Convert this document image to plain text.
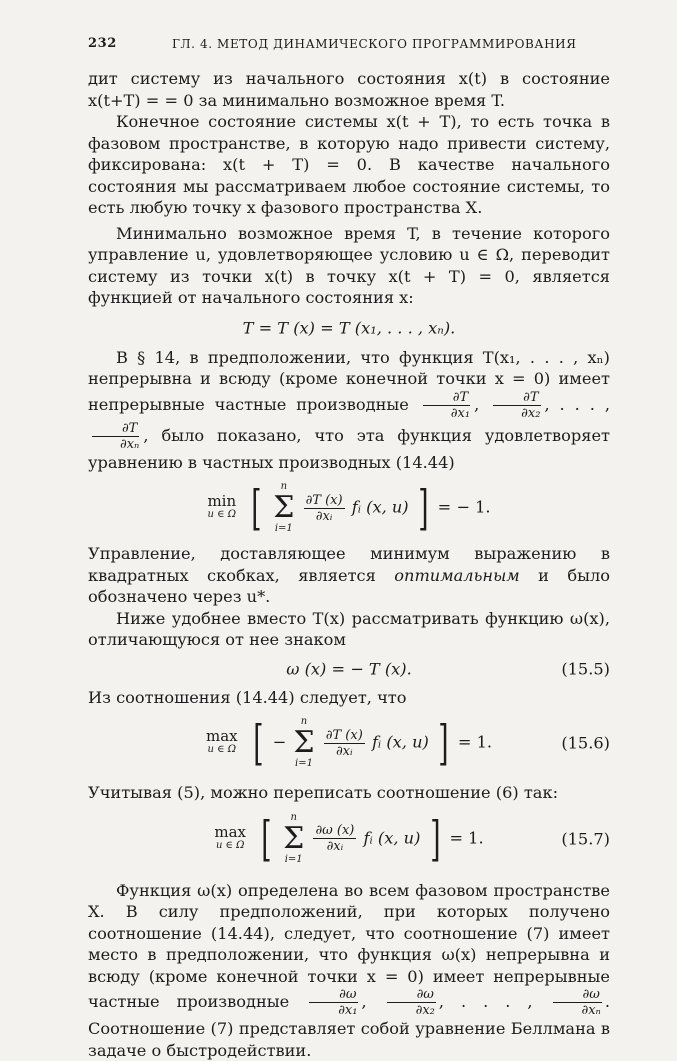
232	ГЛ. 4. МЕТОД ДИНАМИЧЕСКОГО ПРОГРАММИРОВАНИЯ

дит систему из начального состояния x(t) в состояние x(t+T) = = 0 за минимально возможное время T.

Конечное состояние системы x(t + T), то есть точка в фазовом пространстве, в которую надо привести систему, фиксирована: x(t + T) = 0. В качестве начального состояния мы рассматриваем любое состояние системы, то есть любую точку x фазового пространства X.

Минимально возможное время T, в течение которого управление u, удовлетворяющее условию u ∈ Ω, переводит систему из точки x(t) в точку x(t + T) = 0, является функцией от начального состояния x:

T = T (x) = T (x₁, . . . , xₙ).

В § 14, в предположении, что функция T(x₁, . . . , xₙ) непрерывна и всюду (кроме конечной точки x = 0) имеет непрерывные частные производные $\frac{\partial T}{\text{∂x₁}}$ , $\frac{\partial T}{\text{∂x₂}}$ , . . . ,
$\frac{\partial T}{\text{∂xₙ}}$ , было показано, что эта функция удовлетворяет уравнению в частных производных (14.44)

min
u ∈ Ω [ n
Σ
i=1

$\frac{\partial T (x)}{\text{∂xᵢ}}$ fᵢ (x, u) ] = − 1.

Управление, доставляющее минимум выражению в квадратных скобках, является оптимальным и было обозначено через u*.

Ниже удобнее вместо T(x) рассматривать функцию ω(x), отличающуюся от нее знаком

ω (x) = − T (x).	(15.5)

Из соотношения (14.44) следует, что

max
u ∈ Ω [ −
n
Σ
i=1

$\frac{\partial T (x)}{\text{∂xᵢ}}$ fᵢ (x, u) ] = 1.	(15.6)

Учитывая (5), можно переписать соотношение (6) так:

max
u ∈ Ω [ n
Σ
i=1

$\frac{\partial\omega (x)}{\text{∂xᵢ}}$ fᵢ (x, u) ] = 1.	(15.7)

Функция ω(x) определена во всем фазовом пространстве X. В силу предположений, при которых получено соотношение (14.44), следует, что соотношение (7) имеет место в предположении, что функция ω(x) непрерывна и всюду (кроме конечной точки x = 0) имеет непрерывные частные производные $\frac{\partial\omega}{\text{∂x₁}}$ , $\frac{\partial\omega}{\text{∂x₂}}$ , . . . , $\frac{\partial\omega}{\text{∂xₙ}}$ . Соотношение (7) представляет собой уравнение Беллмана в задаче о быстродействии.
